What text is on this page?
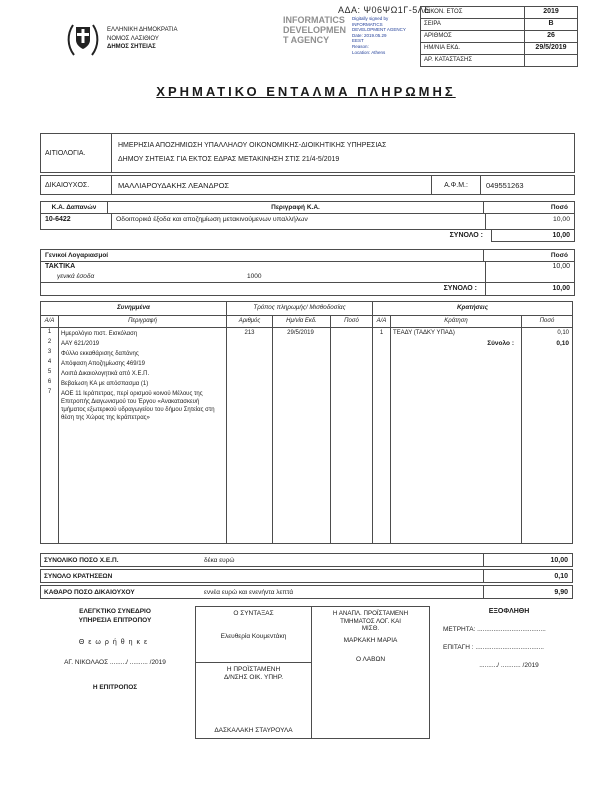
ΑΔΑ: Ψ06ΨΩ1Γ-5ΛΕ
ΕΛΛΗΝΙΚΗ ΔΗΜΟΚΡΑΤΙΑ
ΝΟΜΟΣ ΛΑΣΙΘΙΟΥ
ΔΗΜΟΣ ΣΗΤΕΙΑΣ
INFORMATICS
DEVELOPMEN
T AGENCY
Digitally signed by
INFORMATICS
DEVELOPMENT AGENCY
Date: 2019.05.29
EEST
Reason:
Location: Athens
ΟΙΚΟΝ. ΕΤΟΣ	2019
ΣΕΙΡΑ	Β
ΑΡΙΘΜΟΣ	26
ΗΜ/ΝΙΑ ΕΚΔ.	29/5/2019
ΑΡ. ΚΑΤΑΣΤΑΣΗΣ
ΧΡΗΜΑΤΙΚΟ ΕΝΤΑΛΜΑ ΠΛΗΡΩΜΗΣ
ΑΙΤΙΟΛΟΓΙΑ.
ΗΜΕΡΗΣΙΑ ΑΠΟΖΗΜΙΩΣΗ ΥΠΑΛΛΗΛΟΥ ΟΙΚΟΝΟΜΙΚΗΣ-ΔΙΟΙΚΗΤΙΚΗΣ ΥΠΗΡΕΣΙΑΣ
ΔΗΜΟΥ ΣΗΤΕΙΑΣ ΓΙΑ ΕΚΤΟΣ ΕΔΡΑΣ ΜΕΤΑΚΙΝΗΣΗ ΣΤΙΣ 21/4-5/2019
ΔΙΚΑΙΟΥΧΟΣ.	ΜΑΛΛΙΑΡΟΥΔΑΚΗΣ ΛΕΑΝΔΡΟΣ	Α.Φ.Μ.:	049551263
Κ.Α. Δαπανών	Περιγραφή Κ.Α.	Ποσό
10-6422	Οδοιπορικά έξοδα και αποζημίωση μετακινούμενων υπαλλήλων	10,00
ΣΥΝΟΛΟ :	10,00
Γενικοί Λογαριασμοί	Ποσό
ΤΑΚΤΙΚΑ	10,00
γενικά έσοδα	1000
ΣΥΝΟΛΟ :	10,00
Συνημμένα
Α/Α	Περιγραφή
1	Ημερολόγιο πιστ. Εισκόλαση
2	ΑΑΥ 621/2019
3	Φύλλο εκκαθάρισης δαπάνης
4	Απόφαση Αποζημίωσης 469/19
5	Λοιπά Δικαιολογητικά από Χ.Ε.Π.
6	Βεβαίωση ΚΑ με απόσπασμα (1)
7	ΑΟΕ 11 Ιεράπετρας, περί ορισμού κοινού Μέλους της Επιτροπής Διαγωνισμού του Έργου «Ανακατασκευή τμήματος εξωτερικού υδραγωγείου του δήμου Σητείας στη θέση της Χώρας της Ιεράπετρας»
Τρόπος πληρωμής/ Μισθοδοσίας
Αριθμός	Ημ/νία Εκδ.	Ποσό
213	29/5/2019
Κρατήσεις
Α/Α	Κράτηση	Ποσό
1	ΤΕΑΔΥ (ΤΑΔΚΥ ΥΠΑΔ)	0,10
Σύνολο :	0,10
ΣΥΝΟΛΙΚΟ ΠΟΣΟ Χ.Ε.Π.	δέκα ευρώ	10,00
ΣΥΝΟΛΟ ΚΡΑΤΗΣΕΩΝ	0,10
ΚΑΘΑΡΟ ΠΟΣΟ ΔΙΚΑΙΟΥΧΟΥ	εννέα ευρώ και ενενήντα λεπτά	9,90
ΕΛΕΓΚΤΙΚΟ ΣΥΝΕΔΡΙΟ
ΥΠΗΡΕΣΙΑ ΕΠΙΤΡΟΠΟΥ
Θεωρήθηκε
ΑΓ. ΝΙΚΟΛΑΟΣ ........./ .......... /2019
Η ΕΠΙΤΡΟΠΟΣ
Ο ΣΥΝΤΑΞΑΣ
Ελευθερία Κουμεντάκη
Η ΠΡΟΪΣΤΑΜΕΝΗ
Δ/ΝΣΗΣ ΟΙΚ. ΥΠΗΡ.
ΔΑΣΚΑΛΑΚΗ ΣΤΑΥΡΟΥΛΑ
Η ΑΝΑΠΛ. ΠΡΟΪΣΤΑΜΕΝΗ
ΤΜΗΜΑΤΟΣ ΛΟΓ. ΚΑΙ
ΜΙΣΘ.
ΜΑΡΚΑΚΗ ΜΑΡΙΑ
Ο ΛΑΒΩΝ
ΕΞΟΦΛΗΘΗ
ΜΕΤΡΗΤΑ: ......................................
ΕΠΙΤΑΓΗ : ......................................
........../ ........... /2019
